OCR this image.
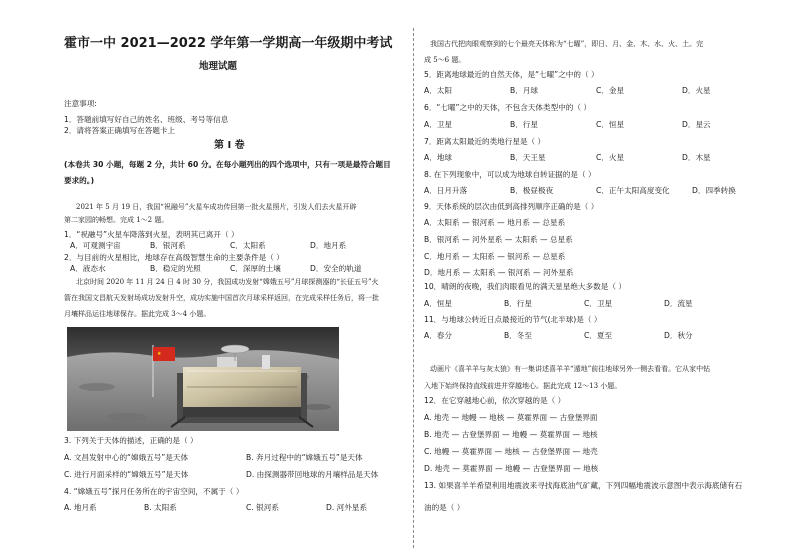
霍市一中 2021—2022 学年第一学期高一年级期中考试
地理试题
注意事项:
1．答题前填写好自己的姓名、班级、考号等信息
2．请将答案正确填写在答题卡上
第 I 卷
(本卷共 30 小题，每题 2 分，共计 60 分。在每小题列出的四个选项中，只有一项是最符合题目
要求的。)
2021 年 5 月 19 日，我国“祝融号”火星车成功传回第一批火星照片，引发人们去火星开辟
第二家园的畅想。完成 1～2 题。
1．“祝融号”火星车降落到火星，表明其已离开（ ）
A．可观测宇宙	B．银河系	C．太阳系	D．地月系
2．与目前的火星相比，地球存在高级智慧生命的主要条件是（ ）
A．液态水	B．稳定的光照	C．深厚的土壤	D．安全的轨道
北京时间 2020 年 11 月 24 日 4 时 30 分，我国成功发射“嫦娥五号”月球探测器的“长征五号”火
箭在我国文昌航天发射场成功发射升空，成功实施中国首次月球采样返回，在完成采样任务后，将一批
月壤样品运往地球保存。据此完成 3～4 小题。
3. 下列关于天体的描述，正确的是（ ）
A. 文昌发射中心的“嫦娥五号”是天体	B. 奔月过程中的“嫦娥五号”是天体
C. 进行月面采样的“嫦娥五号”是天体	D. 由探测器带回地球的月壤样品是天体
4. “嫦娥五号”探月任务所在的宇宙空间，不属于（ ）
A. 地月系	B. 太阳系	C. 银河系	D. 河外星系
★
我国古代把肉眼观察到的七个最亮天体称为“七曜”，即日、月、金、木、水、火、土。完
成 5～6 题。
5．距离地球最近的自然天体，是“七曜”之中的（ ）
A．太阳	B．月球	C．金星	D．火星
6．“七曜”之中的天体，不包含天体类型中的（ ）
A．卫星	B．行星	C．恒星	D．星云
7．距离太阳最近的类地行星是（ ）
A．地球	B．天王星	C．火星	D．木星
8. 在下列现象中，可以成为地球自转证据的是（ ）
A．日月升落	B．极昼极夜	C．正午太阳高度变化	D．四季转换
9．天体系统的层次由低到高排列顺序正确的是（ ）
A．太阳系 — 银河系 — 地月系 — 总星系
B．银河系 — 河外星系 — 太阳系 — 总星系
C．地月系 — 太阳系 — 银河系 — 总星系
D．地月系 — 太阳系 — 银河系 — 河外星系
10．晴朗的夜晚，我们肉眼看见的满天星星绝大多数是（ ）
A．恒星	B．行星	C．卫星	D．流星
11．与地球公转近日点最接近的节气(北半球)是（ ）
A．春分	B．冬至	C．夏至	D．秋分
动画片《喜羊羊与灰太狼》有一集讲述喜羊羊“遁地”前往地球另外一侧去看看。它从家中钻
入地下始终保持直线前进并穿越地心。据此完成 12～13 小题。
12．在它穿越地心前，依次穿越的是（ ）
A. 地壳 — 地幔 — 地核 — 莫霍界面 — 古登堡界面
B. 地壳 — 古登堡界面 — 地幔 — 莫霍界面 — 地核
C. 地幔 — 莫霍界面 — 地核 — 古登堡界面 — 地壳
D. 地壳 — 莫霍界面 — 地幔 — 古登堡界面 — 地核
13. 如果喜羊羊希望利用地震波来寻找海底油气矿藏，下列四幅地震波示意图中表示海底储有石
油的是（ ）
